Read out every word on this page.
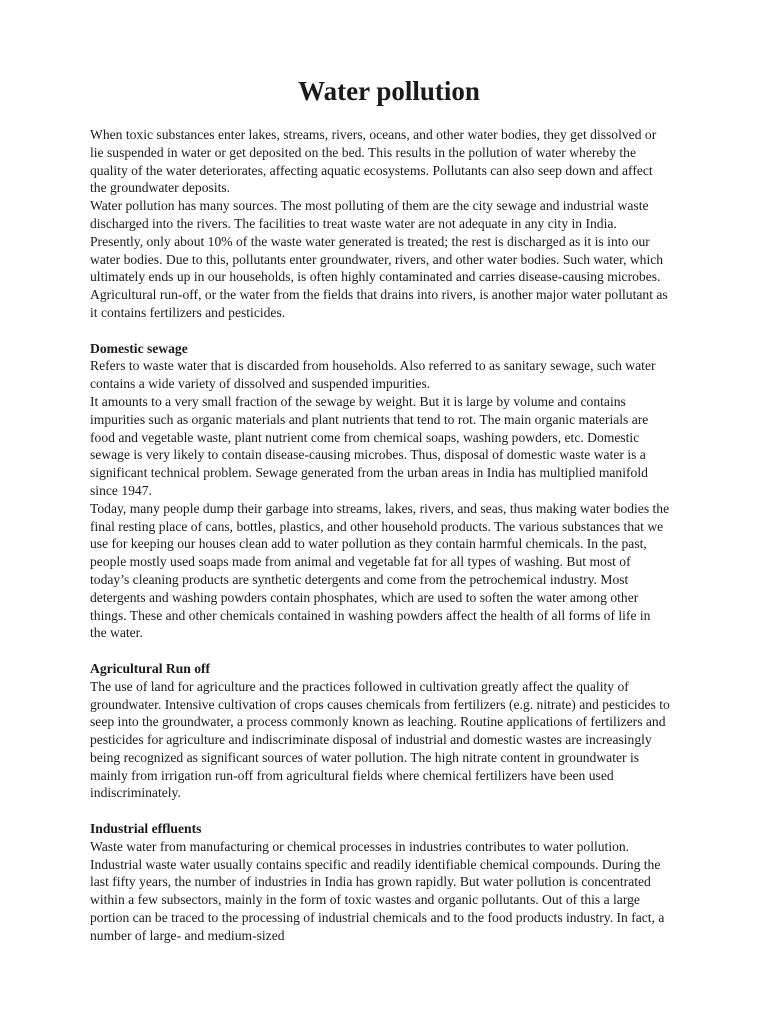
Water pollution

When toxic substances enter lakes, streams, rivers, oceans, and other water bodies, they get dissolved or lie suspended in water or get deposited on the bed. This results in the pollution of water whereby the quality of the water deteriorates, affecting aquatic ecosystems. Pollutants can also seep down and affect the groundwater deposits.

Water pollution has many sources. The most polluting of them are the city sewage and industrial waste discharged into the rivers. The facilities to treat waste water are not adequate in any city in India. Presently, only about 10% of the waste water generated is treated; the rest is discharged as it is into our water bodies. Due to this, pollutants enter groundwater, rivers, and other water bodies. Such water, which ultimately ends up in our households, is often highly contaminated and carries disease-causing microbes. Agricultural run-off, or the water from the fields that drains into rivers, is another major water pollutant as it contains fertilizers and pesticides.

Domestic sewage

Refers to waste water that is discarded from households. Also referred to as sanitary sewage, such water contains a wide variety of dissolved and suspended impurities.

It amounts to a very small fraction of the sewage by weight. But it is large by volume and contains impurities such as organic materials and plant nutrients that tend to rot. The main organic materials are food and vegetable waste, plant nutrient come from chemical soaps, washing powders, etc. Domestic sewage is very likely to contain disease-causing microbes. Thus, disposal of domestic waste water is a significant technical problem. Sewage generated from the urban areas in India has multiplied manifold since 1947.

Today, many people dump their garbage into streams, lakes, rivers, and seas, thus making water bodies the final resting place of cans, bottles, plastics, and other household products. The various substances that we use for keeping our houses clean add to water pollution as they contain harmful chemicals. In the past, people mostly used soaps made from animal and vegetable fat for all types of washing. But most of today’s cleaning products are synthetic detergents and come from the petrochemical industry. Most detergents and washing powders contain phosphates, which are used to soften the water among other things. These and other chemicals contained in washing powders affect the health of all forms of life in the water.

Agricultural Run off

The use of land for agriculture and the practices followed in cultivation greatly affect the quality of groundwater. Intensive cultivation of crops causes chemicals from fertilizers (e.g. nitrate) and pesticides to seep into the groundwater, a process commonly known as leaching. Routine applications of fertilizers and pesticides for agriculture and indiscriminate disposal of industrial and domestic wastes are increasingly being recognized as significant sources of water pollution. The high nitrate content in groundwater is mainly from irrigation run-off from agricultural fields where chemical fertilizers have been used indiscriminately.

Industrial effluents

Waste water from manufacturing or chemical processes in industries contributes to water pollution. Industrial waste water usually contains specific and readily identifiable chemical compounds. During the last fifty years, the number of industries in India has grown rapidly. But water pollution is concentrated within a few subsectors, mainly in the form of toxic wastes and organic pollutants. Out of this a large portion can be traced to the processing of industrial chemicals and to the food products industry. In fact, a number of large- and medium-sized
